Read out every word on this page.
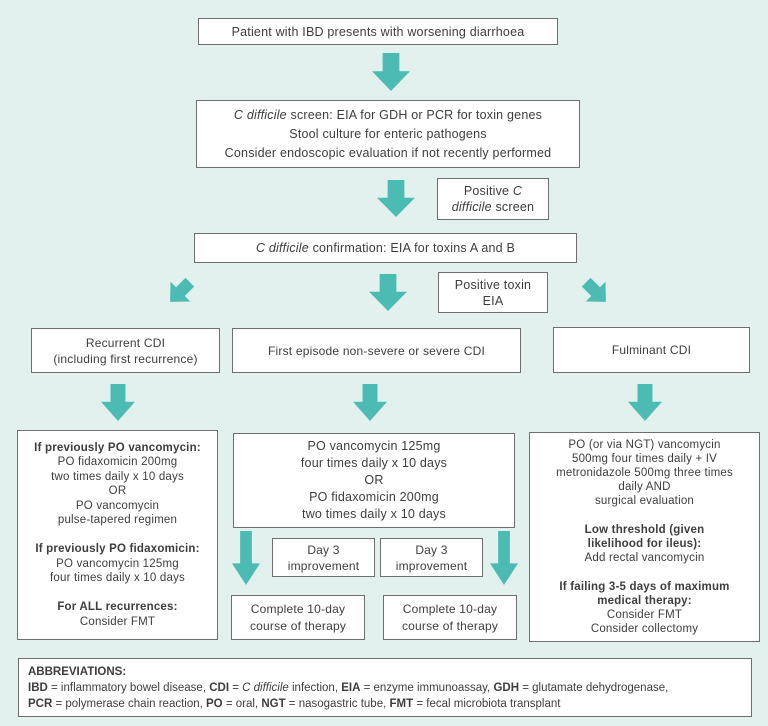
Patient with IBD presents with worsening diarrhoea
C difficile screen: EIA for GDH or PCR for toxin genes
Stool culture for enteric pathogens
Consider endoscopic evaluation if not recently performed
Positive C
difficile screen
C difficile confirmation: EIA for toxins A and B
Positive toxin
EIA
Recurrent CDI
(including first recurrence)
First episode non-severe or severe CDI	Fulminant CDI
If previously PO vancomycin:
PO fidaxomicin 200mg
two times daily x 10 days
OR
PO vancomycin
pulse-tapered regimen

If previously PO fidaxomicin:
PO vancomycin 125mg
four times daily x 10 days

For ALL recurrences:
Consider FMT
PO vancomycin 125mg
four times daily x 10 days
OR
PO fidaxomicin 200mg
two times daily x 10 days
PO (or via NGT) vancomycin
500mg four times daily + IV
metronidazole 500mg three times
daily AND
surgical evaluation

Low threshold (given
likelihood for ileus):
Add rectal vancomycin

If failing 3-5 days of maximum
medical therapy:
Consider FMT
Consider collectomy
Day 3
improvement
Day 3
improvement
Complete 10-day
course of therapy
Complete 10-day
course of therapy
ABBREVIATIONS:
IBD = inflammatory bowel disease, CDI = C difficile infection, EIA = enzyme immunoassay, GDH = glutamate dehydrogenase,
PCR = polymerase chain reaction, PO = oral, NGT = nasogastric tube, FMT = fecal microbiota transplant
